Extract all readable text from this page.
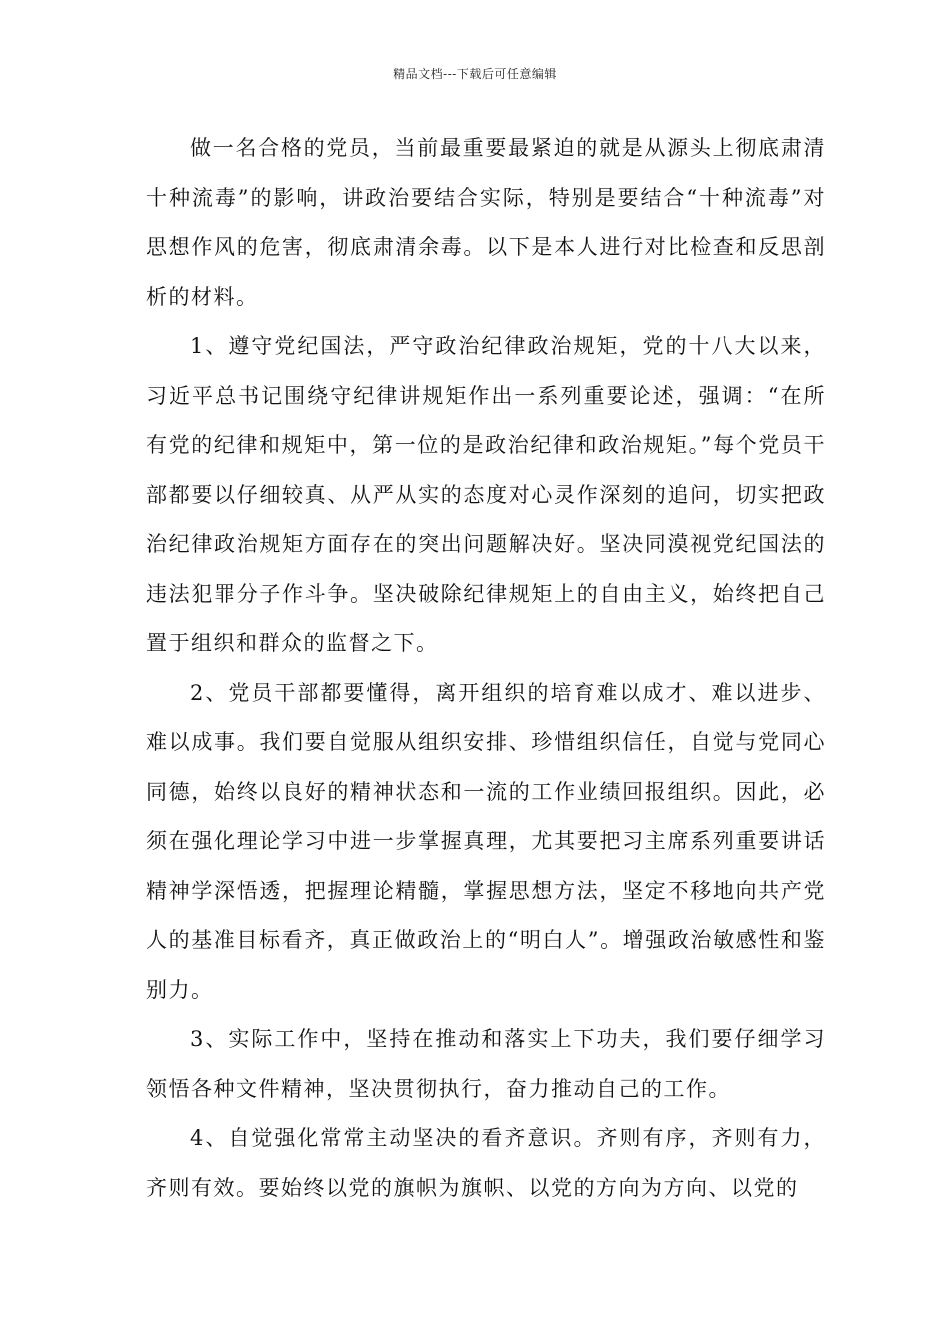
精品文档---下载后可任意编辑

做一名合格的党员，当前最重要最紧迫的就是从源头上彻底肃清十种流毒”的影响，讲政治要结合实际，特别是要结合“十种流毒”对思想作风的危害，彻底肃清余毒。以下是本人进行对比检查和反思剖析的材料。

1、遵守党纪国法，严守政治纪律政治规矩，党的十八大以来，习近平总书记围绕守纪律讲规矩作出一系列重要论述，强调：“在所有党的纪律和规矩中，第一位的是政治纪律和政治规矩。”每个党员干部都要以仔细较真、从严从实的态度对心灵作深刻的追问，切实把政治纪律政治规矩方面存在的突出问题解决好。坚决同漠视党纪国法的违法犯罪分子作斗争。坚决破除纪律规矩上的自由主义，始终把自己置于组织和群众的监督之下。

2、党员干部都要懂得，离开组织的培育难以成才、难以进步、难以成事。我们要自觉服从组织安排、珍惜组织信任，自觉与党同心同德，始终以良好的精神状态和一流的工作业绩回报组织。因此，必须在强化理论学习中进一步掌握真理，尤其要把习主席系列重要讲话精神学深悟透，把握理论精髓，掌握思想方法，坚定不移地向共产党人的基准目标看齐，真正做政治上的“明白人”。增强政治敏感性和鉴别力。

3、实际工作中，坚持在推动和落实上下功夫，我们要仔细学习领悟各种文件精神，坚决贯彻执行，奋力推动自己的工作。

4、自觉强化常常主动坚决的看齐意识。齐则有序，齐则有力，齐则有效。要始终以党的旗帜为旗帜、以党的方向为方向、以党的
